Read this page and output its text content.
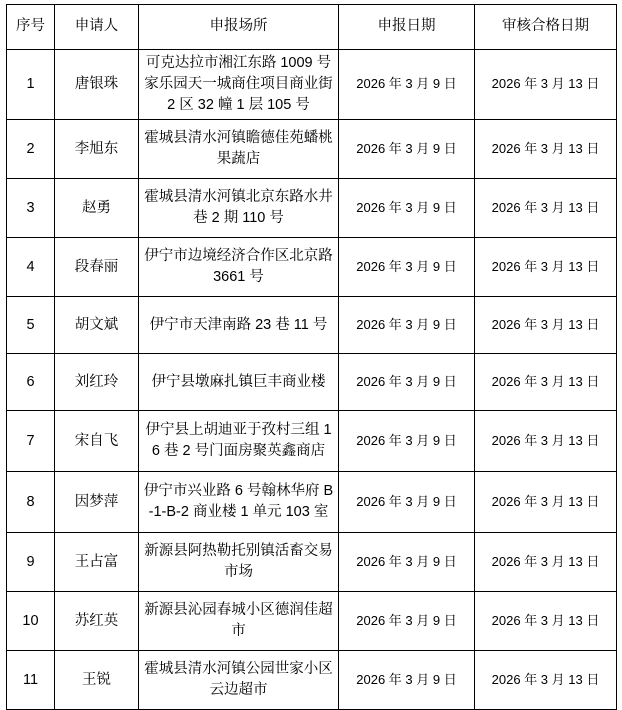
序号	申请人	申报场所	申报日期	审核合格日期
1	唐银珠	可克达拉市湘江东路 1009 号家乐园天一城商住项目商业街 2 区 32 幢 1 层 105 号	2026 年 3 月 9 日	2026 年 3 月 13 日
2	李旭东	霍城县清水河镇瞻德佳苑蟠桃果蔬店	2026 年 3 月 9 日	2026 年 3 月 13 日
3	赵勇	霍城县清水河镇北京东路水井巷 2 期 110 号	2026 年 3 月 9 日	2026 年 3 月 13 日
4	段春丽	伊宁市边境经济合作区北京路 3661 号	2026 年 3 月 9 日	2026 年 3 月 13 日
5	胡文斌	伊宁市天津南路 23 巷 11 号	2026 年 3 月 9 日	2026 年 3 月 13 日
6	刘红玲	伊宁县墩麻扎镇巨丰商业楼	2026 年 3 月 9 日	2026 年 3 月 13 日
7	宋自飞	伊宁县上胡迪亚于孜村三组 16 巷 2 号门面房聚英鑫商店	2026 年 3 月 9 日	2026 年 3 月 13 日
8	因梦萍	伊宁市兴业路 6 号翰林华府 B-1-B-2 商业楼 1 单元 103 室	2026 年 3 月 9 日	2026 年 3 月 13 日
9	王占富	新源县阿热勒托别镇活畜交易市场	2026 年 3 月 9 日	2026 年 3 月 13 日
10	苏红英	新源县沁园春城小区德润佳超市	2026 年 3 月 9 日	2026 年 3 月 13 日
11	王锐	霍城县清水河镇公园世家小区云边超市	2026 年 3 月 9 日	2026 年 3 月 13 日
